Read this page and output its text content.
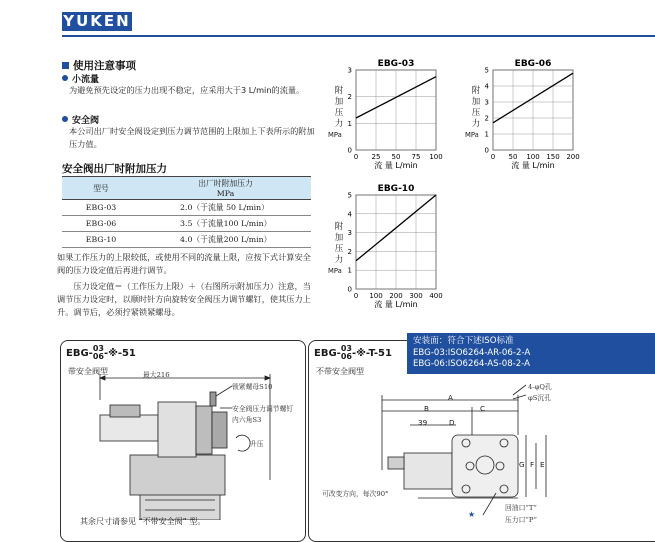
YUKEN
使用注意事项
小流量
为避免预先设定的压力出现不稳定，应采用大于3 L/min的流量。
安全阀
本公司出厂时安全阀设定到压力调节范围的上限加上下表所示的附加压力值。
安全阀出厂时附加压力
型号	出厂时附加压力
MPa

EBG-03	2.0（于流量 50 L/min）
EBG-06	3.5（于流量100 L/min）
EBG-10	4.0（于流量200 L/min）
如果工作压力的上限较低，或使用不同的流量上限，应按下式计算安全阀的压力设定值后再进行调节。
压力设定值＝（工作压力上限）＋（右图所示附加压力）注意，当调节压力设定时，以顺时针方向旋转安全阀压力调节螺钉，使其压力上升。调节后，必须拧紧锁紧螺母。
EBG-03
0
1
2
3
0 25 50 75 100
流 量 L/min
EBG-06
0
1
2
3
4
5
0 50 100 150 200
流 量 L/min
EBG-10
0
1
2
3
4
5
0 100 200 300 400
流 量 L/min
附加压力
MPa
附加压力
MPa
附加压力
MPa
EBG- 03
06 -※-51
带安全阀型	最大216
锁紧螺母S10
安全阀压力调节螺钉
内六角S3
升压
其余尺寸请参见 “不带安全阀” 型。
EBG- 03
06 -※-T-51
不带安全阀型
安装面：符合下述ISO标准
EBG-03:ISO6264-AR-06-2-A
EBG-06:ISO6264-AS-08-2-A
★
A
B	C
39	D
G F E
4-φQ孔
φS沉孔
可改变方向，每次90°
回油口“T”
压力口“P”
